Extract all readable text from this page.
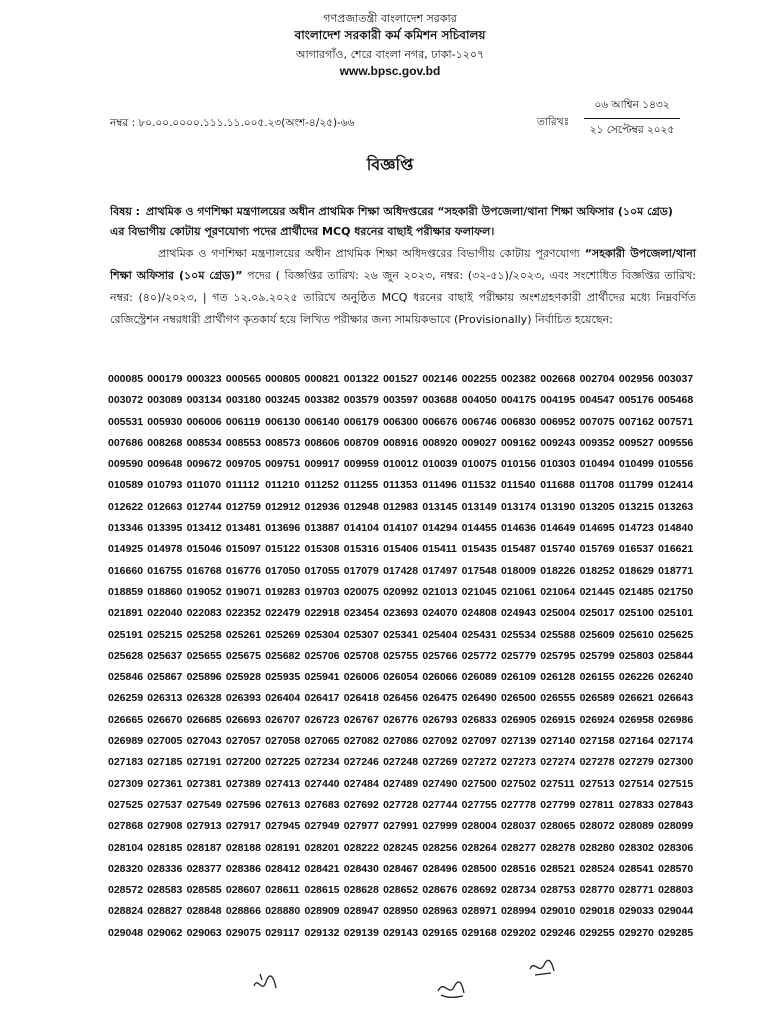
গণপ্রজাতন্ত্রী বাংলাদেশ সরকার
বাংলাদেশ সরকারী কর্ম কমিশন সচিবালয়
আগারগাঁও, শেরে বাংলা নগর, ঢাকা-১২০৭
www.bpsc.gov.bd
নম্বর : ৮০.০০.০০০০.১১১.১১.০০৫.২৩(অংশ-৪/২৫)-৬৬	তারিখঃ
০৬ আশ্বিন ১৪৩২
২১ সেপ্টেম্বর ২০২৫
বিজ্ঞপ্তি
বিষয় : প্রাথমিক ও গণশিক্ষা মন্ত্রণালয়ের অধীন প্রাথমিক শিক্ষা অধিদপ্তরের “সহকারী উপজেলা/থানা শিক্ষা অফিসার (১০ম গ্রেড) এর বিভাগীয় কোটায় পূরণযোগ্য পদের প্রার্থীদের MCQ ধরনের বাছাই পরীক্ষার ফলাফল।
প্রাথমিক ও গণশিক্ষা মন্ত্রণালয়ের অধীন প্রাথমিক শিক্ষা অধিদপ্তরের বিভাগীয় কোটায় পূরণযোগ্য “সহকারী উপজেলা/থানা শিক্ষা অফিসার (১০ম গ্রেড)” পদের ( বিজ্ঞপ্তির তারিখ: ২৬ জুন ২০২৩, নম্বর: (৩২-৫১)/২০২৩, এবং সংশোধিত বিজ্ঞপ্তির তারিখ: নম্বর: (৪০)/২০২৩, | গত ১২.০৯.২০২৫ তারিখে অনুষ্ঠিত MCQ ধরনের বাছাই পরীক্ষায় অংশগ্রহণকারী প্রার্থীদের মধ্যে নিম্নবর্ণিত রেজিস্ট্রেশন নম্বরধারী প্রার্থীগণ কৃতকার্য হয়ে লিখিত পরীক্ষার জন্য সাময়িকভাবে (Provisionally) নির্বাচিত হয়েছেন:
000085 000179 000323 000565 000805 000821 001322 001527 002146 002255 002382 002668 002704 002956 003037
003072 003089 003134 003180 003245 003382 003579 003597 003688 004050 004175 004195 004547 005176 005468
005531 005930 006006 006119 006130 006140 006179 006300 006676 006746 006830 006952 007075 007162 007571
007686 008268 008534 008553 008573 008606 008709 008916 008920 009027 009162 009243 009352 009527 009556
009590 009648 009672 009705 009751 009917 009959 010012 010039 010075 010156 010303 010494 010499 010556
010589 010793 011070 011112 011210 011252 011255 011353 011496 011532 011540 011688 011708 011799 012414
012622 012663 012744 012759 012912 012936 012948 012983 013145 013149 013174 013190 013205 013215 013263
013346 013395 013412 013481 013696 013887 014104 014107 014294 014455 014636 014649 014695 014723 014840
014925 014978 015046 015097 015122 015308 015316 015406 015411 015435 015487 015740 015769 016537 016621
016660 016755 016768 016776 017050 017055 017079 017428 017497 017548 018009 018226 018252 018629 018771
018859 018860 019052 019071 019283 019703 020075 020992 021013 021045 021061 021064 021445 021485 021750
021891 022040 022083 022352 022479 022918 023454 023693 024070 024808 024943 025004 025017 025100 025101
025191 025215 025258 025261 025269 025304 025307 025341 025404 025431 025534 025588 025609 025610 025625
025628 025637 025655 025675 025682 025706 025708 025755 025766 025772 025779 025795 025799 025803 025844
025846 025867 025896 025928 025935 025941 026006 026054 026066 026089 026109 026128 026155 026226 026240
026259 026313 026328 026393 026404 026417 026418 026456 026475 026490 026500 026555 026589 026621 026643
026665 026670 026685 026693 026707 026723 026767 026776 026793 026833 026905 026915 026924 026958 026986
026989 027005 027043 027057 027058 027065 027082 027086 027092 027097 027139 027140 027158 027164 027174
027183 027185 027191 027200 027225 027234 027246 027248 027269 027272 027273 027274 027278 027279 027300
027309 027361 027381 027389 027413 027440 027484 027489 027490 027500 027502 027511 027513 027514 027515
027525 027537 027549 027596 027613 027683 027692 027728 027744 027755 027778 027799 027811 027833 027843
027868 027908 027913 027917 027945 027949 027977 027991 027999 028004 028037 028065 028072 028089 028099
028104 028185 028187 028188 028191 028201 028222 028245 028256 028264 028277 028278 028280 028302 028306
028320 028336 028377 028386 028412 028421 028430 028467 028496 028500 028516 028521 028524 028541 028570
028572 028583 028585 028607 028611 028615 028628 028652 028676 028692 028734 028753 028770 028771 028803
028824 028827 028848 028866 028880 028909 028947 028950 028963 028971 028994 029010 029018 029033 029044
029048 029062 029063 029075 029117 029132 029139 029143 029165 029168 029202 029246 029255 029270 029285
